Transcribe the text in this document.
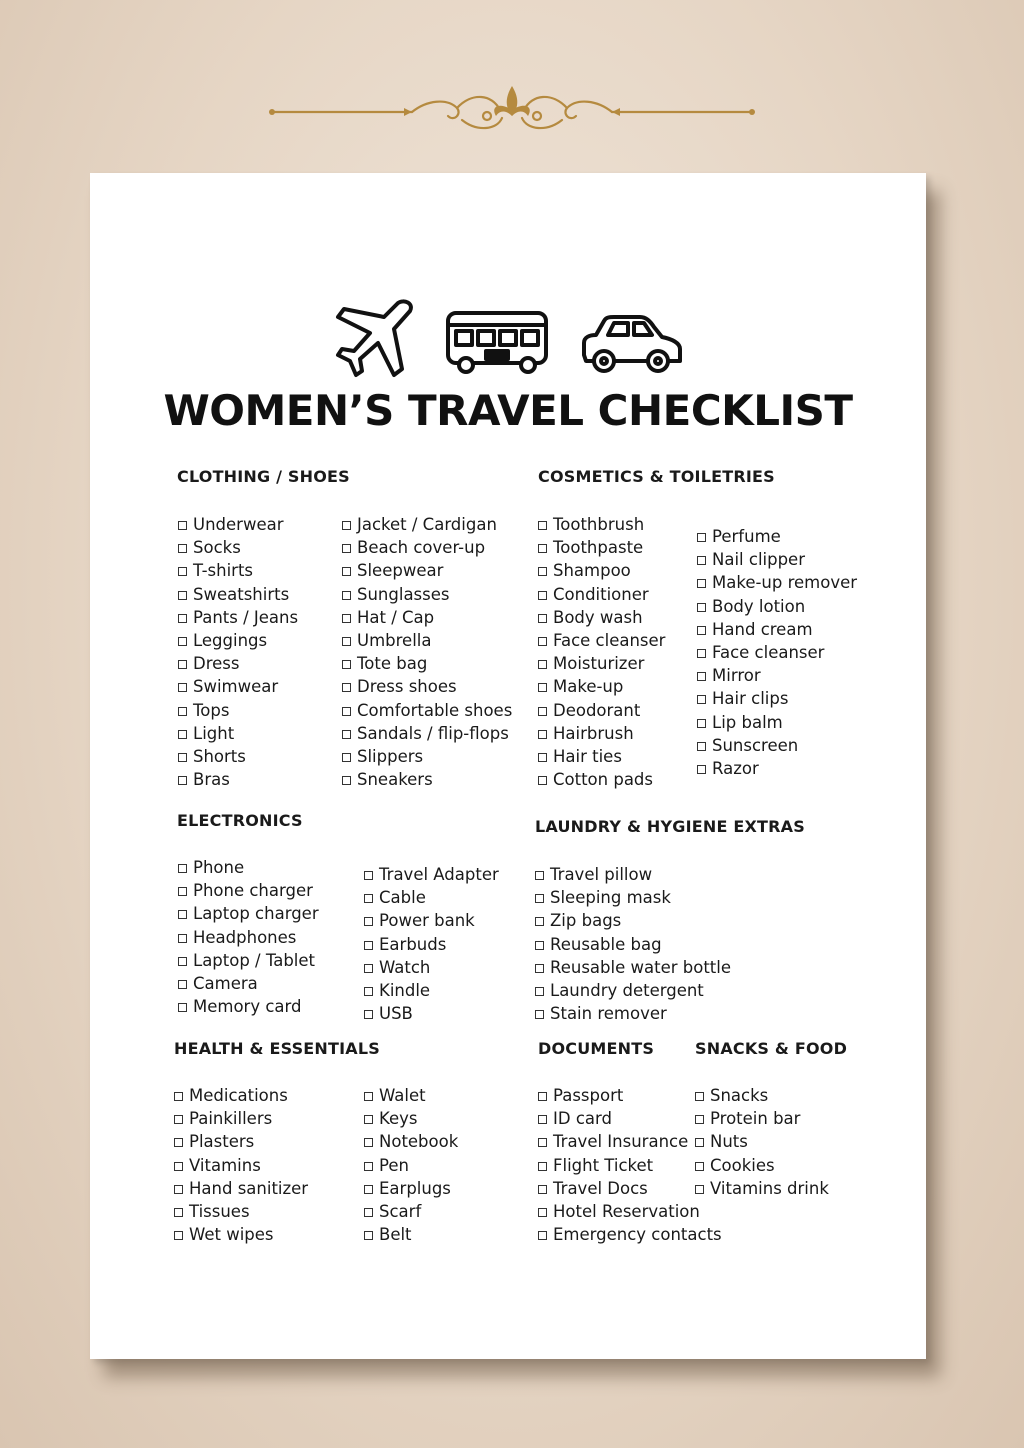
WOMEN’S TRAVEL CHECKLIST
CLOTHING / SHOES
Underwear
Socks
T-shirts
Sweatshirts
Pants / Jeans
Leggings
Dress
Swimwear
Tops
Light
Shorts
Bras
Jacket / Cardigan
Beach cover-up
Sleepwear
Sunglasses
Hat / Cap
Umbrella
Tote bag
Dress shoes
Comfortable shoes
Sandals / flip-flops
Slippers
Sneakers
COSMETICS & TOILETRIES
Toothbrush
Toothpaste
Shampoo
Conditioner
Body wash
Face cleanser
Moisturizer
Make-up
Deodorant
Hairbrush
Hair ties
Cotton pads
Perfume
Nail clipper
Make-up remover
Body lotion
Hand cream
Face cleanser
Mirror
Hair clips
Lip balm
Sunscreen
Razor
ELECTRONICS
Phone
Phone charger
Laptop charger
Headphones
Laptop / Tablet
Camera
Memory card
Travel Adapter
Cable
Power bank
Earbuds
Watch
Kindle
USB
LAUNDRY & HYGIENE EXTRAS
Travel pillow
Sleeping mask
Zip bags
Reusable bag
Reusable water bottle
Laundry detergent
Stain remover
HEALTH & ESSENTIALS
Medications
Painkillers
Plasters
Vitamins
Hand sanitizer
Tissues
Wet wipes
Walet
Keys
Notebook
Pen
Earplugs
Scarf
Belt
DOCUMENTS
Passport
ID card
Travel Insurance
Flight Ticket
Travel Docs
Hotel Reservation
Emergency contacts
SNACKS & FOOD
Snacks
Protein bar
Nuts
Cookies
Vitamins drink
